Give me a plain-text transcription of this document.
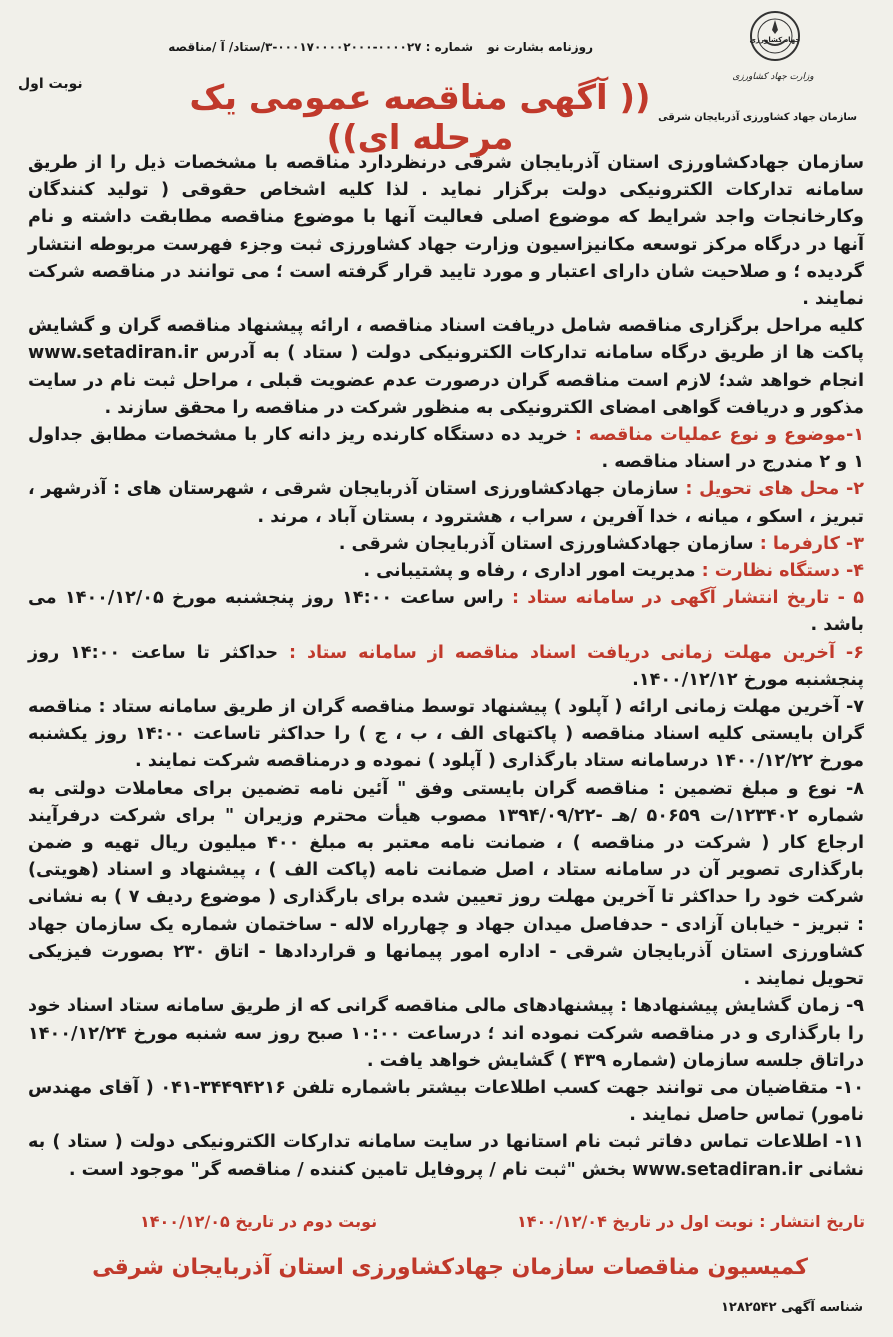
روزنامه بشارت نو
شماره : ۰۰۰۰۲۷-۰۰۰۱۷۰۰۰۰۲۰۰۰-۳/ستاد/ آ /مناقصه
نوبت اول
جهاد کشاورزی
وزارت جهاد کشاورزی
سازمان جهاد کشاورزی آذربایجان شرقی
(( آگهی مناقصه عمومی یک مرحله ای))

سازمان جهادکشاورزی استان آذربایجان شرقی درنظردارد مناقصه با مشخصات ذیل را از طریق سامانه تدارکات الکترونیکی دولت برگزار نماید . لذا کلیه اشخاص حقوقی ( تولید کنندگان وکارخانجات واجد شرایط که موضوع اصلی فعالیت آنها با موضوع مناقصه مطابقت داشته و نام آنها در درگاه مرکز توسعه مکانیزاسیون وزارت جهاد کشاورزی ثبت وجزء فهرست مربوطه انتشار گردیده ؛ و صلاحیت شان دارای اعتبار و مورد تایید قرار گرفته است ؛ می توانند در مناقصه شرکت نمایند .

کلیه مراحل برگزاری مناقصه شامل دریافت اسناد مناقصه ، ارائه پیشنهاد مناقصه گران و گشایش پاکت ها از طریق درگاه سامانه تدارکات الکترونیکی دولت ( ستاد ) به آدرس www.setadiran.ir انجام خواهد شد؛ لازم است مناقصه گران درصورت عدم عضویت قبلی ، مراحل ثبت نام در سایت مذکور و دریافت گواهی امضای الکترونیکی به منظور شرکت در مناقصه را محقق سازند .

۱-موضوع و نوع عملیات مناقصه : خرید ده دستگاه کارنده ریز دانه کار با مشخصات مطابق جداول ۱ و ۲ مندرج در اسناد مناقصه .

۲- محل های تحویل : سازمان جهادکشاورزی استان آذربایجان شرقی ، شهرستان های : آذرشهر ، تبریز ، اسکو ، میانه ، خدا آفرین ، سراب ، هشترود ، بستان آباد ، مرند .

۳- کارفرما : سازمان جهادکشاورزی استان آذربایجان شرقی .

۴- دستگاه نظارت : مدیریت امور اداری ، رفاه و پشتیبانی .

۵ - تاریخ انتشار آگهی در سامانه ستاد : راس ساعت ۱۴:۰۰ روز پنجشنبه مورخ ۱۴۰۰/۱۲/۰۵ می باشد .

۶- آخرین مهلت زمانی دریافت اسناد مناقصه از سامانه ستاد : حداکثر تا ساعت ۱۴:۰۰ روز پنجشنبه مورخ ۱۴۰۰/۱۲/۱۲.

۷- آخرین مهلت زمانی ارائه ( آپلود ) پیشنهاد توسط مناقصه گران از طریق سامانه ستاد : مناقصه گران بایستی کلیه اسناد مناقصه ( پاکتهای الف ، ب ، ج ) را حداکثر تاساعت ۱۴:۰۰ روز یکشنبه مورخ ۱۴۰۰/۱۲/۲۲ درسامانه ستاد بارگذاری ( آپلود ) نموده و درمناقصه شرکت نمایند .

۸- نوع و مبلغ تضمین : مناقصه گران بایستی وفق " آئین نامه تضمین برای معاملات دولتی به شماره ۱۲۳۴۰۲/ت ۵۰۶۵۹ /هـ -۱۳۹۴/۰۹/۲۲ مصوب هیأت محترم وزیران " برای شرکت درفرآیند ارجاع کار ( شرکت در مناقصه ) ، ضمانت نامه معتبر به مبلغ ۴۰۰ میلیون ریال تهیه و ضمن بارگذاری تصویر آن در سامانه ستاد ، اصل ضمانت نامه (پاکت الف ) ، پیشنهاد و اسناد (هویتی) شرکت خود را حداکثر تا آخرین مهلت روز تعیین شده برای بارگذاری ( موضوع ردیف ۷ ) به نشانی : تبریز - خیابان آزادی - حدفاصل میدان جهاد و چهارراه لاله - ساختمان شماره یک سازمان جهاد کشاورزی استان آذربایجان شرقی - اداره امور پیمانها و قراردادها - اتاق ۲۳۰ بصورت فیزیکی تحویل نمایند .

۹- زمان گشایش پیشنهادها : پیشنهادهای مالی مناقصه گرانی که از طریق سامانه ستاد اسناد خود را بارگذاری و در مناقصه شرکت نموده اند ؛ درساعت ۱۰:۰۰ صبح روز سه شنبه مورخ ۱۴۰۰/۱۲/۲۴ دراتاق جلسه سازمان (شماره ۴۳۹ ) گشایش خواهد یافت .

۱۰- متقاضیان می توانند جهت کسب اطلاعات بیشتر باشماره تلفن ۳۴۴۹۴۲۱۶-۰۴۱ ( آقای مهندس نامور) تماس حاصل نمایند .

۱۱- اطلاعات تماس دفاتر ثبت نام استانها در سایت سامانه تدارکات الکترونیکی دولت ( ستاد ) به نشانی www.setadiran.ir بخش "ثبت نام / پروفایل تامین کننده / مناقصه گر" موجود است .

تاریخ انتشار : نوبت اول در تاریخ ۱۴۰۰/۱۲/۰۴
نوبت دوم در تاریخ ۱۴۰۰/۱۲/۰۵
کمیسیون مناقصات سازمان جهادکشاورزی استان آذربایجان شرقی
شناسه آگهی ۱۲۸۲۵۴۲
